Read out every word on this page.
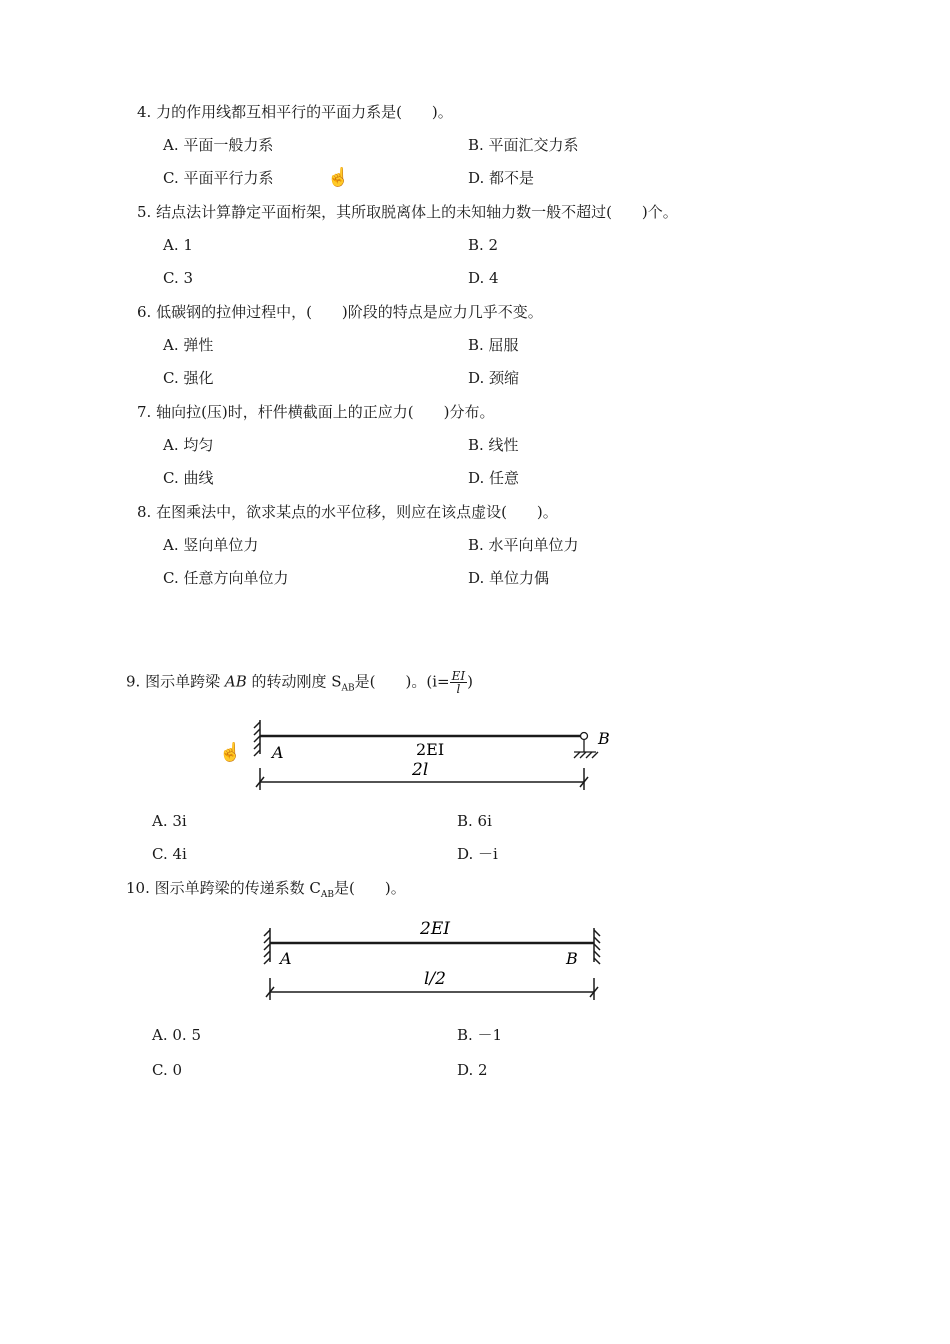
4. 力的作用线都互相平行的平面力系是(　　)。
A. 平面一般力系	B. 平面汇交力系
C. 平面平行力系	D. 都不是
☝
5. 结点法计算静定平面桁架，其所取脱离体上的未知轴力数一般不超过(　　)个。
A. 1	B. 2
C. 3	D. 4
6. 低碳钢的拉伸过程中，(　　)阶段的特点是应力几乎不变。
A. 弹性	B. 屈服
C. 强化	D. 颈缩
7. 轴向拉(压)时，杆件横截面上的正应力(　　)分布。
A. 均匀	B. 线性
C. 曲线	D. 任意
8. 在图乘法中，欲求某点的水平位移，则应在该点虚设(　　)。
A. 竖向单位力	B. 水平向单位力
C. 任意方向单位力	D. 单位力偶
9. 图示单跨梁 AB 的转动刚度 $S_{AB}$是(　　)。($i= \frac{EI}{l}$ )
A
B
2EI
2l
☝
A. 3i	B. 6i
C. 4i	D. －i
10. 图示单跨梁的传递系数 $C_{AB}$是(　　)。
A	B
2EI
l/2
A. 0. 5	B. －1
C. 0	D. 2
